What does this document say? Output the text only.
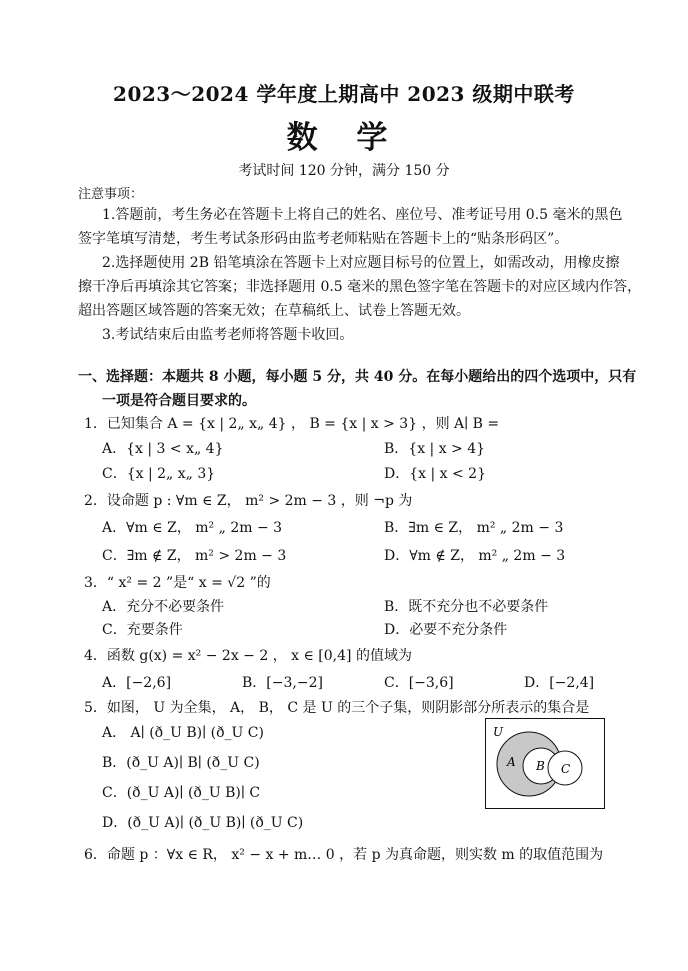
2023～2024 学年度上期高中 2023 级期中联考
数 学
考试时间 120 分钟，满分 150 分
注意事项：
1.答题前，考生务必在答题卡上将自己的姓名、座位号、准考证号用 0.5 毫米的黑色
签字笔填写清楚，考生考试条形码由监考老师粘贴在答题卡上的“贴条形码区”。
2.选择题使用 2B 铅笔填涂在答题卡上对应题目标号的位置上，如需改动，用橡皮擦
擦干净后再填涂其它答案；非选择题用 0.5 毫米的黑色签字笔在答题卡的对应区域内作答，
超出答题区域答题的答案无效；在草稿纸上、试卷上答题无效。
3.考试结束后由监考老师将答题卡收回。
一、选择题：本题共 8 小题，每小题 5 分，共 40 分。在每小题给出的四个选项中，只有
一项是符合题目要求的。
1．已知集合 A = {x | 2„ x„ 4} ， B = {x | x > 3} ，则 A∣ B =
A．{x | 3 < x„ 4}	B．{x | x > 4}
C．{x | 2„ x„ 3}	D．{x | x < 2}
2．设命题 p : ∀m ∈ Z， m² > 2m − 3 ，则 ¬p 为
A．∀m ∈ Z， m² „ 2m − 3	B．∃m ∈ Z， m² „ 2m − 3
C．∃m ∉ Z， m² > 2m − 3	D．∀m ∉ Z， m² „ 2m − 3
3．“ x² = 2 ”是“ x = √2 ”的
A．充分不必要条件	B．既不充分也不必要条件
C．充要条件	D．必要不充分条件
4．函数 g(x) = x² − 2x − 2 ， x ∈ [0,4] 的值域为
A．[−2,6]	B．[−3,−2]	C．[−3,6]	D．[−2,4]
5．如图， U 为全集， A， B， C 是 U 的三个子集，则阴影部分所表示的集合是
A． A∣ (ð_U B)∣ (ð_U C)
B．(ð_U A)∣ B∣ (ð_U C)
C．(ð_U A)∣ (ð_U B)∣ C
D．(ð_U A)∣ (ð_U B)∣ (ð_U C)
U
A B C
6．命题 p ：∀x ∈ R， x² − x + m… 0 ，若 p 为真命题，则实数 m 的取值范围为
